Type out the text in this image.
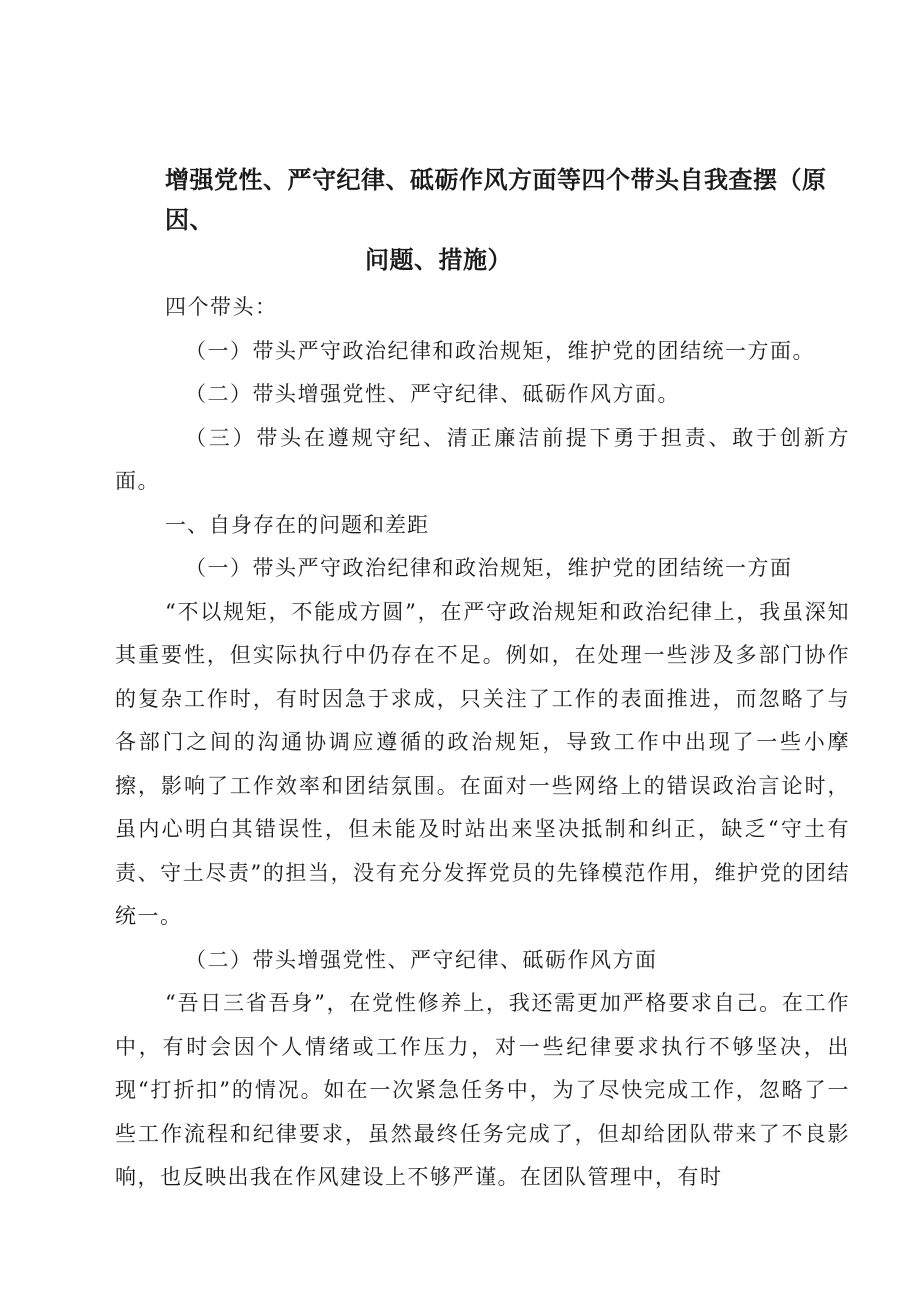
增强党性、严守纪律、砥砺作风方面等四个带头自我查摆（原因、
问题、措施）

四个带头：

（一）带头严守政治纪律和政治规矩，维护党的团结统一方面。

（二）带头增强党性、严守纪律、砥砺作风方面。

（三）带头在遵规守纪、清正廉洁前提下勇于担责、敢于创新方面。

一、自身存在的问题和差距

（一）带头严守政治纪律和政治规矩，维护党的团结统一方面

“不以规矩，不能成方圆”，在严守政治规矩和政治纪律上，我虽深知其重要性，但实际执行中仍存在不足。例如，在处理一些涉及多部门协作的复杂工作时，有时因急于求成，只关注了工作的表面推进，而忽略了与各部门之间的沟通协调应遵循的政治规矩，导致工作中出现了一些小摩擦，影响了工作效率和团结氛围。在面对一些网络上的错误政治言论时，虽内心明白其错误性，但未能及时站出来坚决抵制和纠正，缺乏“守土有责、守土尽责”的担当，没有充分发挥党员的先锋模范作用，维护党的团结统一。

（二）带头增强党性、严守纪律、砥砺作风方面

“吾日三省吾身”，在党性修养上，我还需更加严格要求自己。在工作中，有时会因个人情绪或工作压力，对一些纪律要求执行不够坚决，出现“打折扣”的情况。如在一次紧急任务中，为了尽快完成工作，忽略了一些工作流程和纪律要求，虽然最终任务完成了，但却给团队带来了不良影响，也反映出我在作风建设上不够严谨。在团队管理中，有时
